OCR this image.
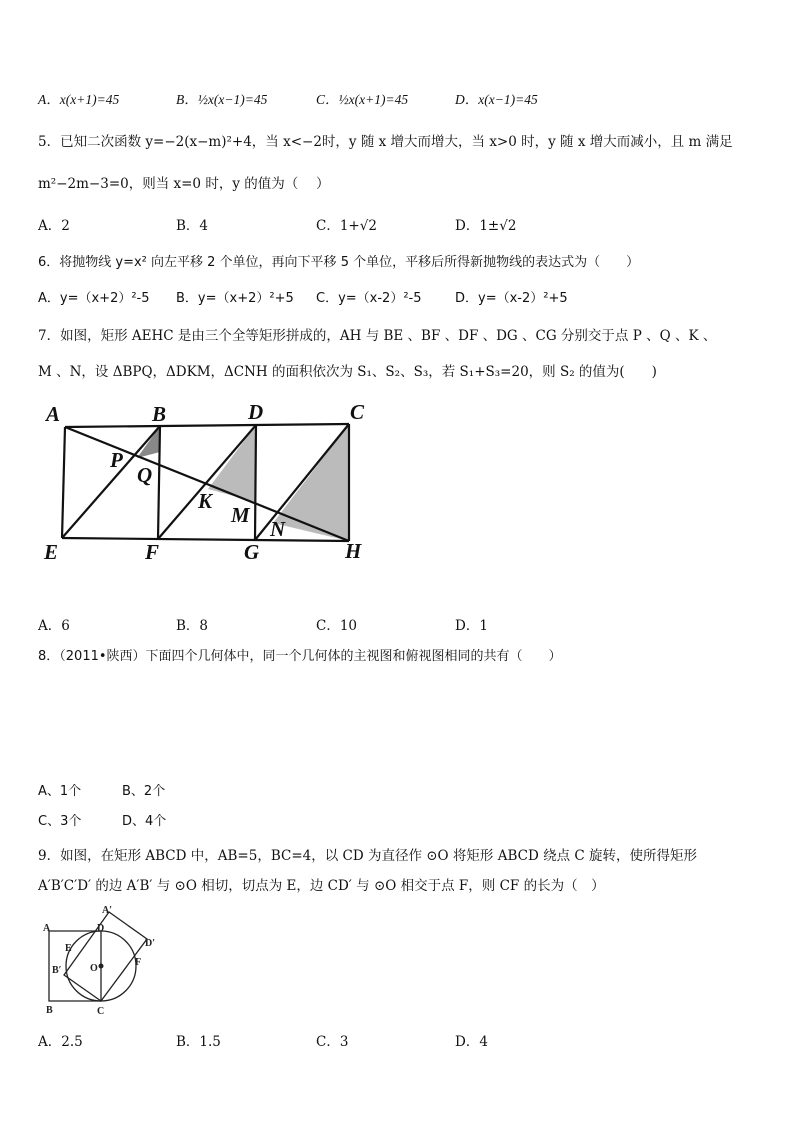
A．x(x+1)=45	B．½x(x−1)=45	C．½x(x+1)=45	D．x(x−1)=45
5．已知二次函数 y=−2(x−m)²+4，当 x<−2时，y 随 x 增大而增大，当 x>0 时，y 随 x 增大而减小，且 m 满足
m²−2m−3=0，则当 x=0 时，y 的值为（　 ）
A．2	B．4	C．1+√2	D．1±√2
6．将抛物线 y=x² 向左平移 2 个单位，再向下平移 5 个单位，平移后所得新抛物线的表达式为（　　）
A．y=（x+2）²-5 B．y=（x+2）²+5 C．y=（x-2）²-5	D．y=（x-2）²+5
7．如图，矩形 AEHC 是由三个全等矩形拼成的，AH 与 BE 、BF 、DF 、DG 、CG 分别交于点 P 、Q 、K 、
M 、N，设 ΔBPQ，ΔDKM，ΔCNH 的面积依次为 S₁、S₂、S₃，若 S₁+S₃=20，则 S₂ 的值为(　　)
A	B	D	C
P
Q
K
M
N
E	F	G	H
A
A′
D
D′
E
B′	O
F
B	C
A．6	B．8	C．10	D．1
8．（2011•陕西）下面四个几何体中，同一个几何体的主视图和俯视图相同的共有（　　）
A、1个	B、2个
C、3个	D、4个
9．如图，在矩形 ABCD 中，AB=5，BC=4，以 CD 为直径作 ⊙O 将矩形 ABCD 绕点 C 旋转，使所得矩形
A′B′C′D′ 的边 A′B′ 与 ⊙O 相切，切点为 E，边 CD′ 与 ⊙O 相交于点 F，则 CF 的长为（　）
A．2.5	B．1.5	C．3	D．4
